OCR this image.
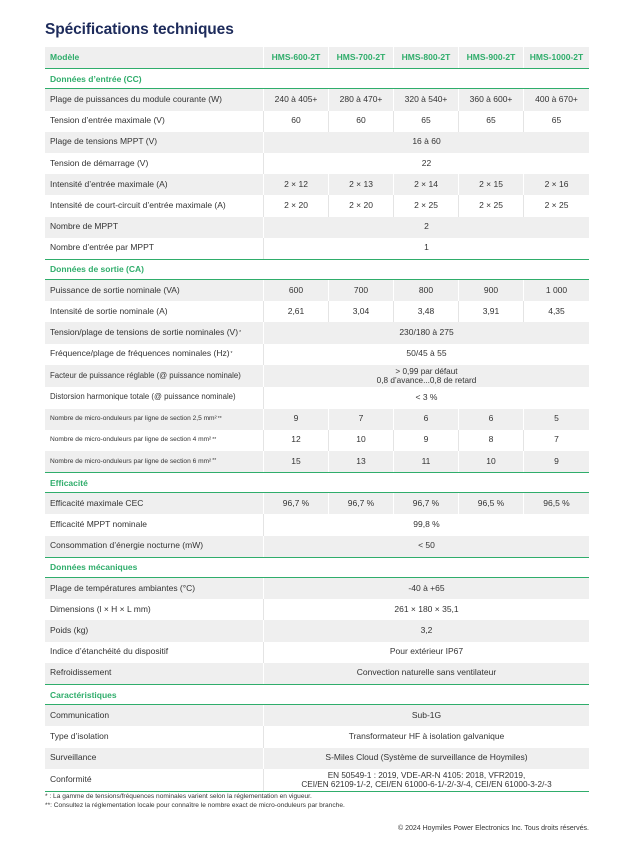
Spécifications techniques
Modèle	HMS-600-2T	HMS-700-2T	HMS-800-2T	HMS-900-2T	HMS-1000-2T
Données d’entrée (CC)
Plage de puissances du module courante (W)	240 à 405+	280 à 470+	320 à 540+	360 à 600+	400 à 670+
Tension d’entrée maximale (V)	60	60	65	65	65
Plage de tensions MPPT (V)	16 à 60
Tension de démarrage (V)	22
Intensité d’entrée maximale (A)	2 × 12	2 × 13	2 × 14	2 × 15	2 × 16
Intensité de court-circuit d’entrée maximale (A)	2 × 20	2 × 20	2 × 25	2 × 25	2 × 25
Nombre de MPPT	2
Nombre d’entrée par MPPT	1
Données de sortie (CA)
Puissance de sortie nominale (VA)	600	700	800	900	1 000
Intensité de sortie nominale (A)	2,61	3,04	3,48	3,91	4,35
Tension/plage de tensions de sortie nominales (V) *	230/180 à 275
Fréquence/plage de fréquences nominales (Hz) *	50/45 à 55
Facteur de puissance réglable (@ puissance nominale)	> 0,99 par défaut
0,8 d’avance...0,8 de retard
Distorsion harmonique totale (@ puissance nominale)	< 3 %
Nombre de micro-onduleurs par ligne de section 2,5 mm² **	9	7	6	6	5
Nombre de micro-onduleurs par ligne de section 4 mm² **	12	10	9	8	7
Nombre de micro-onduleurs par ligne de section 6 mm² **	15	13	11	10	9
Efficacité
Efficacité maximale CEC	96,7 %	96,7 %	96,7 %	96,5 %	96,5 %
Efficacité MPPT nominale	99,8 %
Consommation d’énergie nocturne (mW)	< 50
Données mécaniques
Plage de températures ambiantes (°C)	-40 à +65
Dimensions (l × H × L mm)	261 × 180 × 35,1
Poids (kg)	3,2
Indice d’étanchéité du dispositif	Pour extérieur IP67
Refroidissement	Convection naturelle sans ventilateur
Caractéristiques
Communication	Sub-1G
Type d’isolation	Transformateur HF à isolation galvanique
Surveillance	S-Miles Cloud (Système de surveillance de Hoymiles)
Conformité	EN 50549-1 : 2019, VDE-AR-N 4105: 2018, VFR2019,
CEI/EN 62109-1/-2, CEI/EN 61000-6-1/-2/-3/-4, CEI/EN 61000-3-2/-3
* : La gamme de tensions/fréquences nominales varient selon la réglementation en vigueur.
**: Consultez la réglementation locale pour connaître le nombre exact de micro-onduleurs par branche.
© 2024 Hoymiles Power Electronics Inc. Tous droits réservés.
